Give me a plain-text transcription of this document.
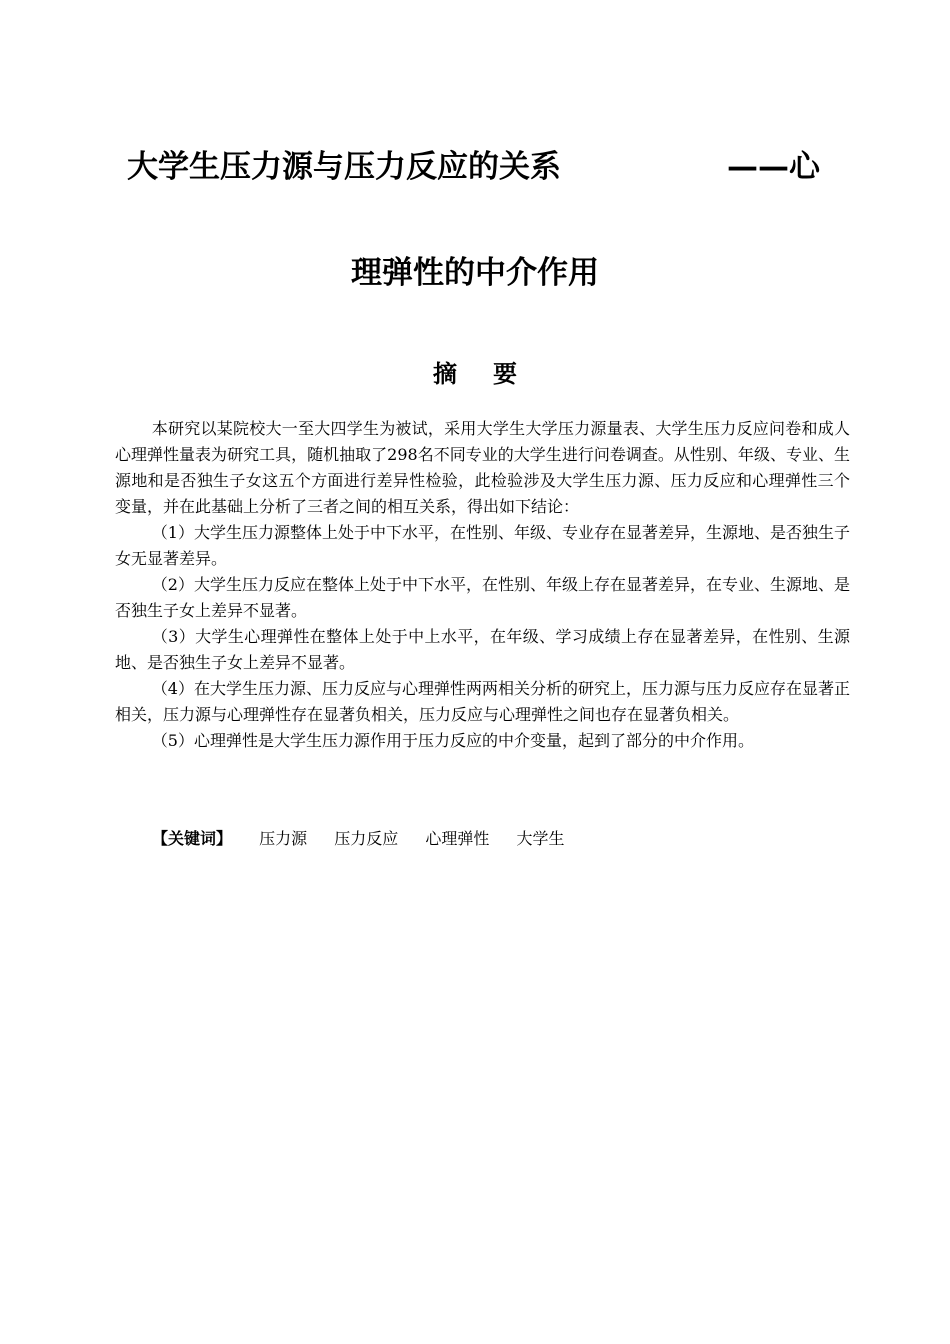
大学生压力源与压力反应的关系	——心
理弹性的中介作用
摘要

本研究以某院校大一至大四学生为被试，采用大学生大学压力源量表、大学生压力反应问卷和成人心理弹性量表为研究工具，随机抽取了298名不同专业的大学生进行问卷调查。从性别、年级、专业、生源地和是否独生子女这五个方面进行差异性检验，此检验涉及大学生压力源、压力反应和心理弹性三个变量，并在此基础上分析了三者之间的相互关系，得出如下结论：

（1）大学生压力源整体上处于中下水平，在性别、年级、专业存在显著差异，生源地、是否独生子女无显著差异。

（2）大学生压力反应在整体上处于中下水平，在性别、年级上存在显著差异，在专业、生源地、是否独生子女上差异不显著。

（3）大学生心理弹性在整体上处于中上水平，在年级、学习成绩上存在显著差异，在性别、生源地、是否独生子女上差异不显著。

（4）在大学生压力源、压力反应与心理弹性两两相关分析的研究上，压力源与压力反应存在显著正相关，压力源与心理弹性存在显著负相关，压力反应与心理弹性之间也存在显著负相关。

（5）心理弹性是大学生压力源作用于压力反应的中介变量，起到了部分的中介作用。

【关键词】 压力源 压力反应 心理弹性 大学生
